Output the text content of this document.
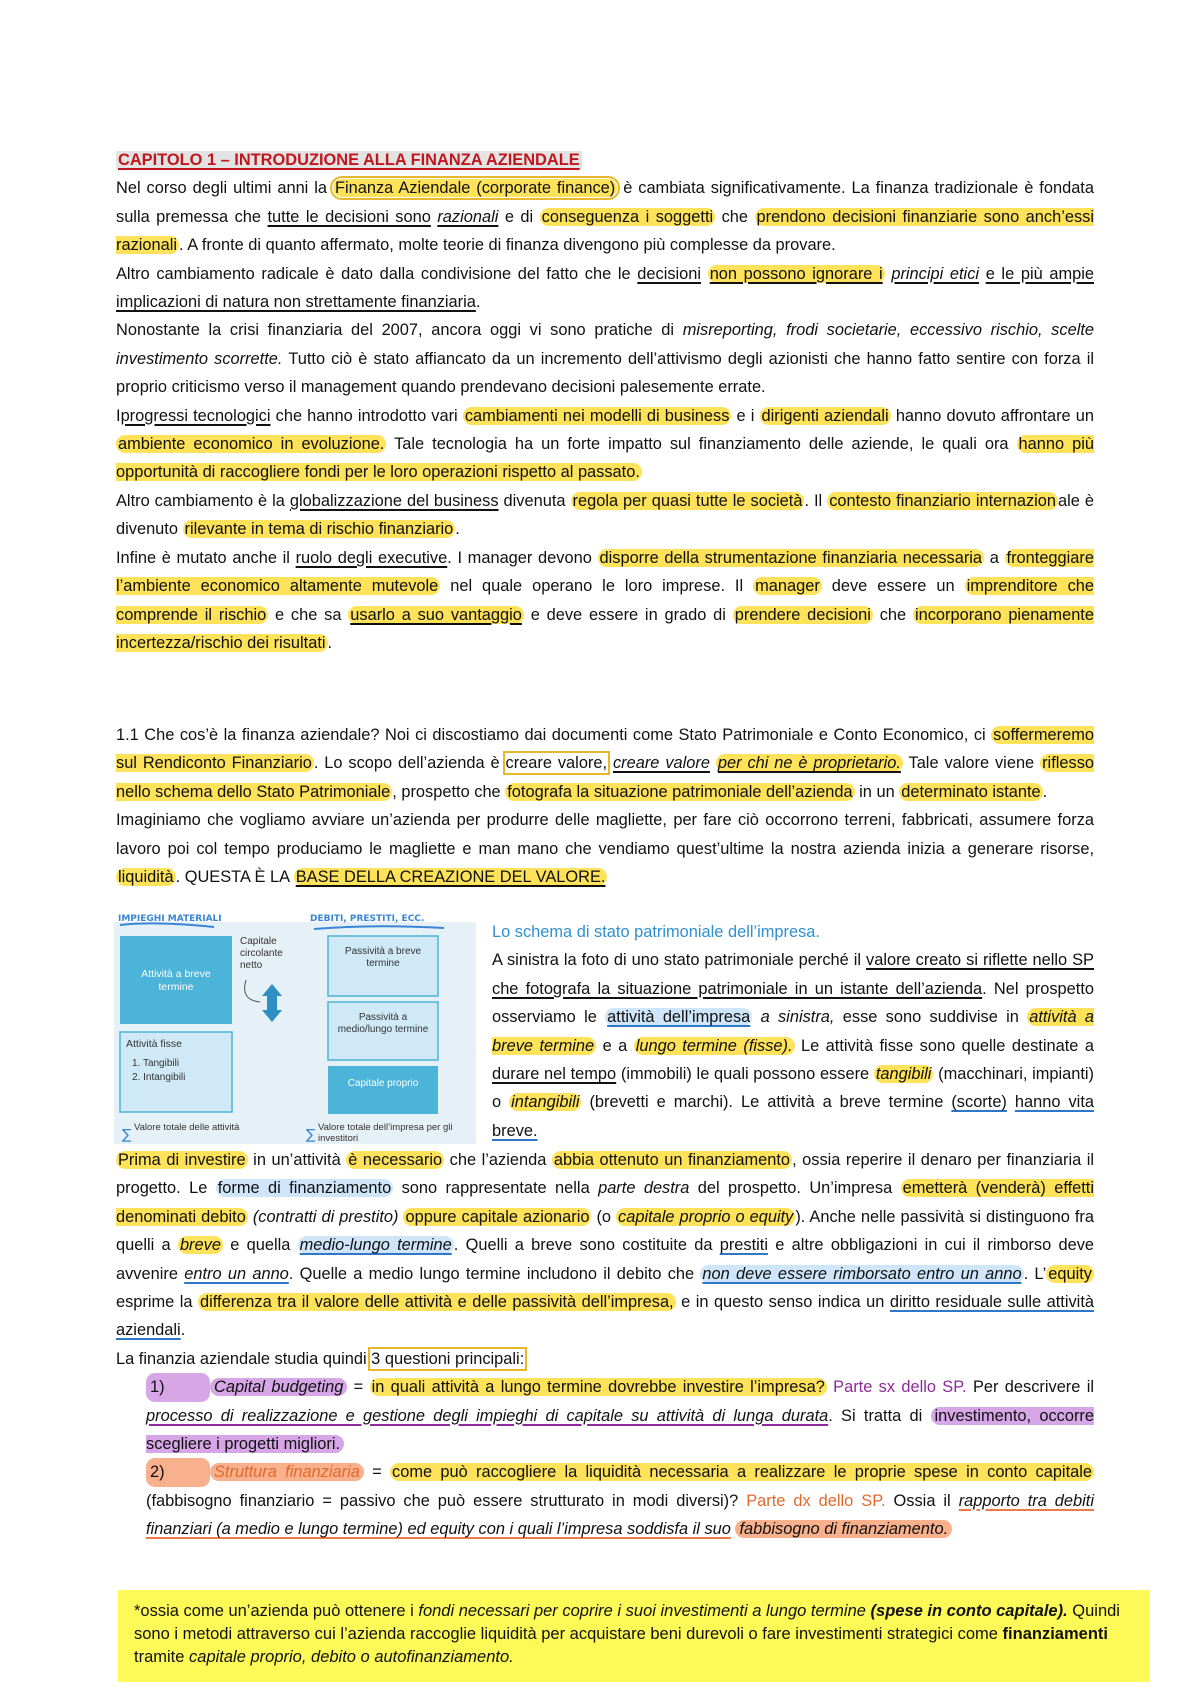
CAPITOLO 1 – INTRODUZIONE ALLA FINANZA AZIENDALE
Nel corso degli ultimi anni la Finanza Aziendale (corporate finance) è cambiata significativamente. La finanza tradizionale è fondata sulla premessa che tutte le decisioni sono razionali e di conseguenza i soggetti che prendono decisioni finanziarie sono anch’essi razionali . A fronte di quanto affermato, molte teorie di finanza divengono più complesse da provare.
Altro cambiamento radicale è dato dalla condivisione del fatto che le decisioni non possono ignorare i principi etici e le più ampie implicazioni di natura non strettamente finanziaria.
Nonostante la crisi finanziaria del 2007, ancora oggi vi sono pratiche di misreporting, frodi societarie, eccessivo rischio, scelte investimento scorrette. Tutto ciò è stato affiancato da un incremento dell’attivismo degli azionisti che hanno fatto sentire con forza il proprio criticismo verso il management quando prendevano decisioni palesemente errate.
Iprogressi tecnologici che hanno introdotto vari cambiamenti nei modelli di business e i dirigenti aziendali hanno dovuto affrontare un ambiente economico in evoluzione. Tale tecnologia ha un forte impatto sul finanziamento delle aziende, le quali ora hanno più opportunità di raccogliere fondi per le loro operazioni rispetto al passato.
Altro cambiamento è la globalizzazione del business divenuta regola per quasi tutte le società . Il contesto finanziario internazion ale è divenuto rilevante in tema di rischio finanziario .
Infine è mutato anche il ruolo degli executive. I manager devono disporre della strumentazione finanziaria necessaria a fronteggiare l’ambiente economico altamente mutevole nel quale operano le loro imprese. Il manager deve essere un imprenditore che comprende il rischio e che sa usarlo a suo vantaggio e deve essere in grado di prendere decisioni che incorporano pienamente incertezza/rischio dei risultati .
1.1 Che cos’è la finanza aziendale? Noi ci discostiamo dai documenti come Stato Patrimoniale e Conto Economico, ci soffermeremo sul Rendiconto Finanziario . Lo scopo dell’azienda è creare valore, creare valore per chi ne è proprietario. Tale valore viene riflesso nello schema dello Stato Patrimoniale , prospetto che fotografa la situazione patrimoniale dell’azienda in un determinato istante .
Imaginiamo che vogliamo avviare un’azienda per produrre delle magliette, per fare ciò occorrono terreni, fabbricati, assumere forza lavoro poi col tempo produciamo le magliette e man mano che vendiamo quest’ultime la nostra azienda inizia a generare risorse, liquidità . QUESTA È LA BASE DELLA CREAZIONE DEL VALORE.
∑	∑
IMPIEGHI MATERIALI	DEBITI, PRESTITI, ECC.
Attività a breve termine
Capitale circolante netto
Passività a breve termine
Passività a medio/lungo termine
Attività fisse
1. Tangibili
2. Intangibili
Capitale proprio
Valore totale delle attività	Valore totale dell’impresa per gli investitori
Lo schema di stato patrimoniale dell’impresa.
A sinistra la foto di uno stato patrimoniale perché il valore creato si riflette nello SP che fotografa la situazione patrimoniale in un istante dell’azienda. Nel prospetto osserviamo le attività dell’impresa a sinistra, esse sono suddivise in attività a breve termine e a lungo termine (fisse). Le attività fisse sono quelle destinate a durare nel tempo (immobili) le quali possono essere tangibili (macchinari, impianti) o intangibili (brevetti e marchi). Le attività a breve termine (scorte) hanno vita breve.
Prima di investire in un’attività è necessario che l’azienda abbia ottenuto un finanziamento , ossia reperire il denaro per finanziaria il progetto. Le forme di finanziamento sono rappresentate nella parte destra del prospetto. Un’impresa emetterà (venderà) effetti denominati debito (contratti di prestito) oppure capitale azionario (o capitale proprio o equity ). Anche nelle passività si distinguono fra quelli a breve e quella medio-lungo termine . Quelli a breve sono costituite da prestiti e altre obbligazioni in cui il rimborso deve avvenire entro un anno. Quelle a medio lungo termine includono il debito che non deve essere rimborsato entro un anno . L’ equity esprime la differenza tra il valore delle attività e delle passività dell’impresa, e in questo senso indica un diritto residuale sulle attività aziendali.
La finanzia aziendale studia quindi 3 questioni principali:
1)	Capital budgeting = in quali attività a lungo termine dovrebbe investire l’impresa? Parte sx dello SP. Per descrivere il processo di realizzazione e gestione degli impieghi di capitale su attività di lunga durata. Si tratta di investimento, occorre scegliere i progetti migliori.
2)	Struttura finanziaria = come può raccogliere la liquidità necessaria a realizzare le proprie spese in conto capitale (fabbisogno finanziario = passivo che può essere strutturato in modi diversi)? Parte dx dello SP. Ossia il rapporto tra debiti finanziari (a medio e lungo termine) ed equity con i quali l’impresa soddisfa il suo fabbisogno di finanziamento.
*ossia come un’azienda può ottenere i fondi necessari per coprire i suoi investimenti a lungo termine (spese in conto capitale). Quindi sono i metodi attraverso cui l’azienda raccoglie liquidità per acquistare beni durevoli o fare investimenti strategici come finanziamenti tramite capitale proprio, debito o autofinanziamento.
